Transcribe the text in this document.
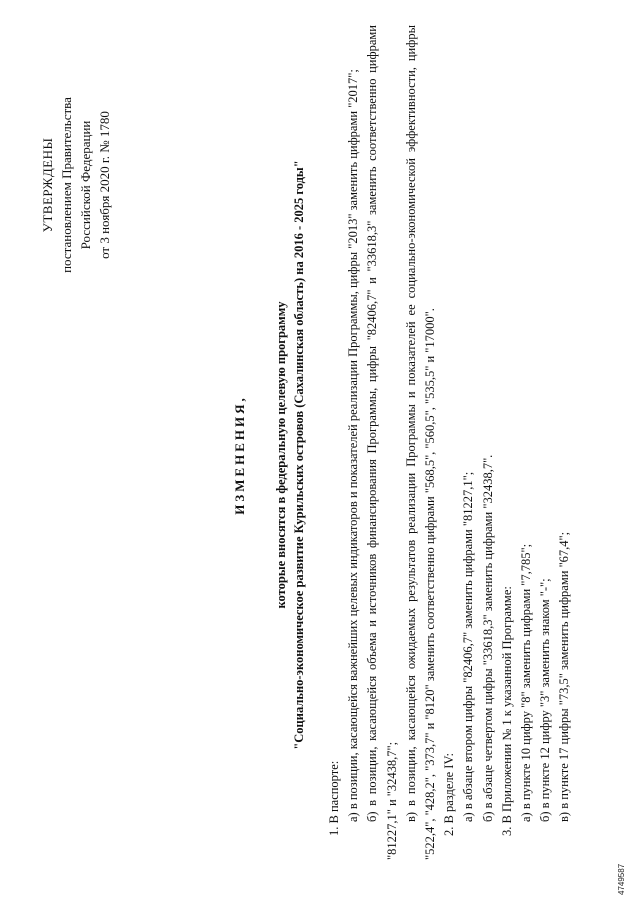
УТВЕРЖДЕНЫ постановлением Правительства Российской Федерации от 3 ноября 2020 г. № 1780
ИЗМЕНЕНИЯ, которые вносятся в федеральную целевую программу "Социально-экономическое развитие Курильских островов (Сахалинская область) на 2016 - 2025 годы"

1. В паспорте: а) в позиции, касающейся важнейших целевых индикаторов и показателей реализации Программы, цифры "2013" заменить цифрами "2017"; б) в позиции, касающейся объема и источников финансирования Программы, цифры "82406,7" и "33618,3" заменить соответственно цифрами "81227,1" и "32438,7"; в) в позиции, касающейся ожидаемых результатов реализации Программы и показателей ее социально-экономической эффективности, цифры "522,4", "428,2", "373,7" и "8120" заменить соответственно цифрами "568,5", "560,5", "535,5" и "17000". 2. В разделе IV: а) в абзаце втором цифры "82406,7" заменить цифрами "81227,1"; б) в абзаце четвертом цифры "33618,3" заменить цифрами "32438,7". 3. В Приложении № 1 к указанной Программе: а) в пункте 10 цифру "8" заменить цифрами "7,785"; б) в пункте 12 цифру "3" заменить знаком "-"; в) в пункте 17 цифры "73,5" заменить цифрами "67,4";

4749587
